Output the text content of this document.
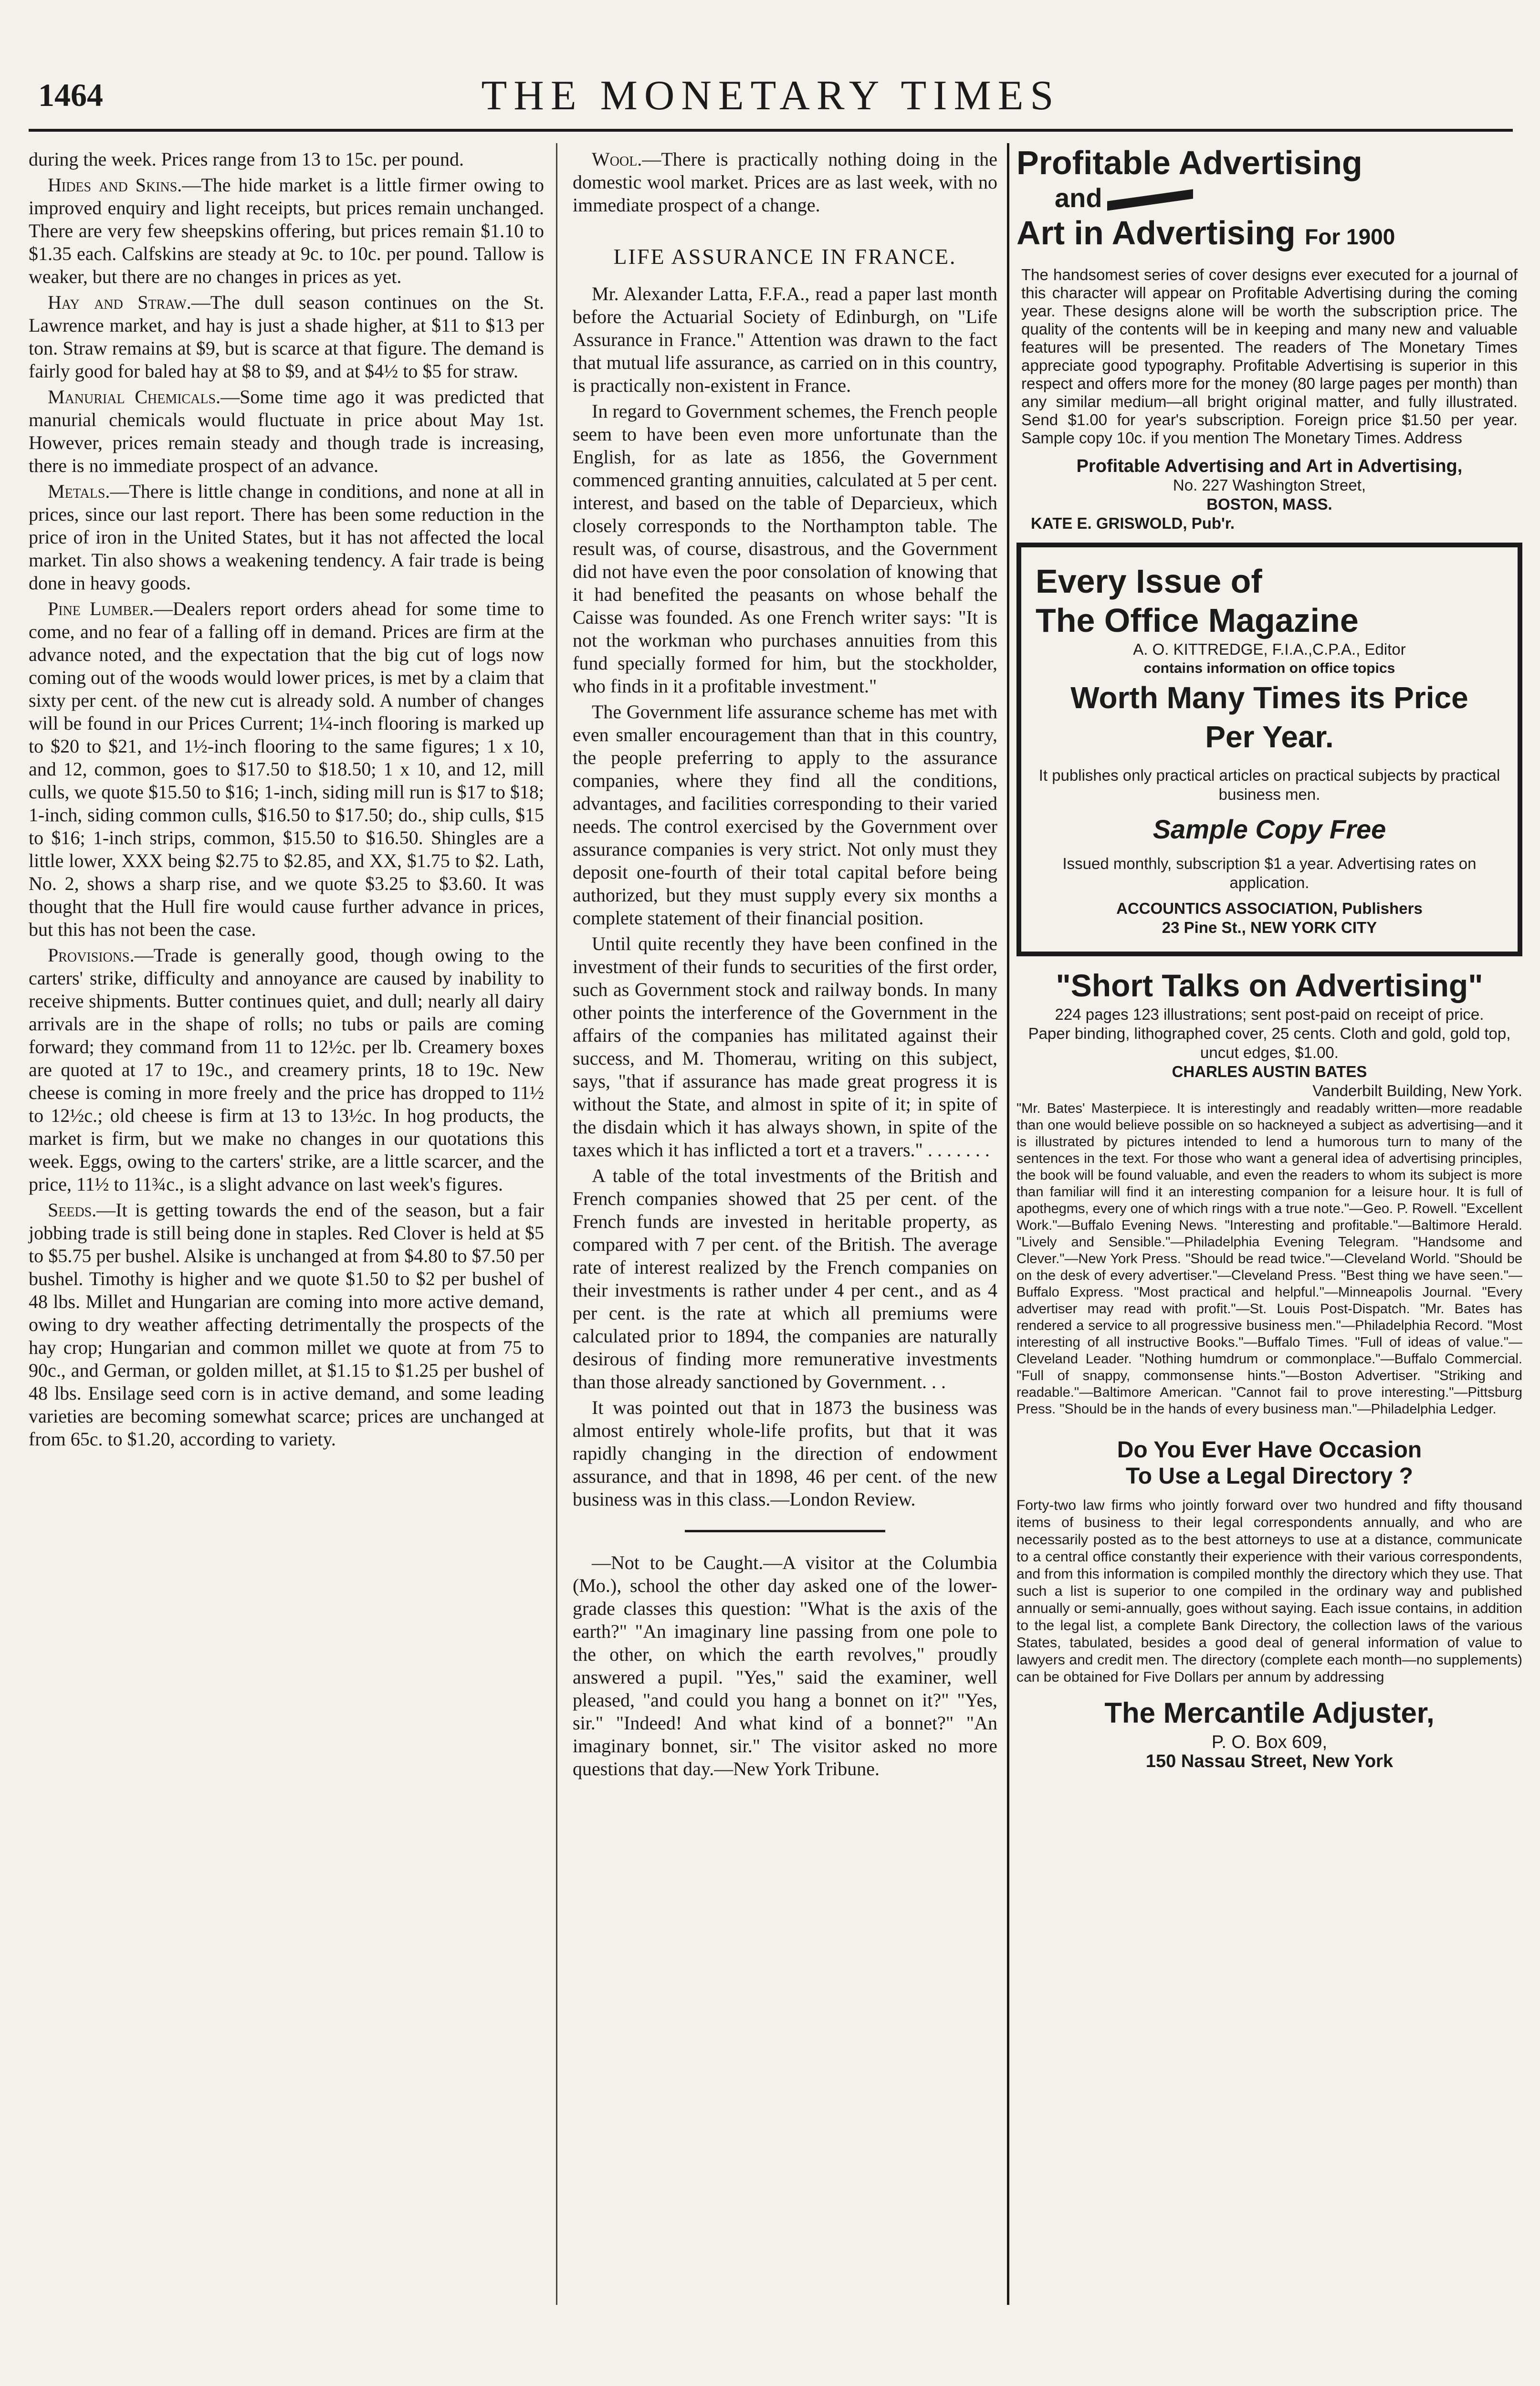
1464	THE MONETARY TIMES

during the week. Prices range from 13 to 15c. per pound.

Hides and Skins.—The hide market is a little firmer owing to improved enquiry and light receipts, but prices remain unchanged. There are very few sheepskins offering, but prices remain $1.10 to $1.35 each. Calfskins are steady at 9c. to 10c. per pound. Tallow is weaker, but there are no changes in prices as yet.

Hay and Straw.—The dull season continues on the St. Lawrence market, and hay is just a shade higher, at $11 to $13 per ton. Straw remains at $9, but is scarce at that figure. The demand is fairly good for baled hay at $8 to $9, and at $4½ to $5 for straw.

Manurial Chemicals.—Some time ago it was predicted that manurial chemicals would fluctuate in price about May 1st. However, prices remain steady and though trade is increasing, there is no immediate prospect of an advance.

Metals.—There is little change in conditions, and none at all in prices, since our last report. There has been some reduction in the price of iron in the United States, but it has not affected the local market. Tin also shows a weakening tendency. A fair trade is being done in heavy goods.

Pine Lumber.—Dealers report orders ahead for some time to come, and no fear of a falling off in demand. Prices are firm at the advance noted, and the expectation that the big cut of logs now coming out of the woods would lower prices, is met by a claim that sixty per cent. of the new cut is already sold. A number of changes will be found in our Prices Current; 1¼-inch flooring is marked up to $20 to $21, and 1½-inch flooring to the same figures; 1 x 10, and 12, common, goes to $17.50 to $18.50; 1 x 10, and 12, mill culls, we quote $15.50 to $16; 1-inch, siding mill run is $17 to $18; 1-inch, siding common culls, $16.50 to $17.50; do., ship culls, $15 to $16; 1-inch strips, common, $15.50 to $16.50. Shingles are a little lower, XXX being $2.75 to $2.85, and XX, $1.75 to $2. Lath, No. 2, shows a sharp rise, and we quote $3.25 to $3.60. It was thought that the Hull fire would cause further advance in prices, but this has not been the case.

Provisions.—Trade is generally good, though owing to the carters' strike, difficulty and annoyance are caused by inability to receive shipments. Butter continues quiet, and dull; nearly all dairy arrivals are in the shape of rolls; no tubs or pails are coming forward; they command from 11 to 12½c. per lb. Creamery boxes are quoted at 17 to 19c., and creamery prints, 18 to 19c. New cheese is coming in more freely and the price has dropped to 11½ to 12½c.; old cheese is firm at 13 to 13½c. In hog products, the market is firm, but we make no changes in our quotations this week. Eggs, owing to the carters' strike, are a little scarcer, and the price, 11½ to 11¾c., is a slight advance on last week's figures.

Seeds.—It is getting towards the end of the season, but a fair jobbing trade is still being done in staples. Red Clover is held at $5 to $5.75 per bushel. Alsike is unchanged at from $4.80 to $7.50 per bushel. Timothy is higher and we quote $1.50 to $2 per bushel of 48 lbs. Millet and Hungarian are coming into more active demand, owing to dry weather affecting detrimentally the prospects of the hay crop; Hungarian and common millet we quote at from 75 to 90c., and German, or golden millet, at $1.15 to $1.25 per bushel of 48 lbs. Ensilage seed corn is in active demand, and some leading varieties are becoming somewhat scarce; prices are unchanged at from 65c. to $1.20, according to variety.

Wool.—There is practically nothing doing in the domestic wool market. Prices are as last week, with no immediate prospect of a change.

LIFE ASSURANCE IN FRANCE.

Mr. Alexander Latta, F.F.A., read a paper last month before the Actuarial Society of Edinburgh, on "Life Assurance in France." Attention was drawn to the fact that mutual life assurance, as carried on in this country, is practically non-existent in France.

In regard to Government schemes, the French people seem to have been even more unfortunate than the English, for as late as 1856, the Government commenced granting annuities, calculated at 5 per cent. interest, and based on the table of Deparcieux, which closely corresponds to the Northampton table. The result was, of course, disastrous, and the Government did not have even the poor consolation of knowing that it had benefited the peasants on whose behalf the Caisse was founded. As one French writer says: "It is not the workman who purchases annuities from this fund specially formed for him, but the stockholder, who finds in it a profitable investment."

The Government life assurance scheme has met with even smaller encouragement than that in this country, the people preferring to apply to the assurance companies, where they find all the conditions, advantages, and facilities corresponding to their varied needs. The control exercised by the Government over assurance companies is very strict. Not only must they deposit one-fourth of their total capital before being authorized, but they must supply every six months a complete statement of their financial position.

Until quite recently they have been confined in the investment of their funds to securities of the first order, such as Government stock and railway bonds. In many other points the interference of the Government in the affairs of the companies has militated against their success, and M. Thomerau, writing on this subject, says, "that if assurance has made great progress it is without the State, and almost in spite of it; in spite of the disdain which it has always shown, in spite of the taxes which it has inflicted a tort et a travers." . . . . . . .

A table of the total investments of the British and French companies showed that 25 per cent. of the French funds are invested in heritable property, as compared with 7 per cent. of the British. The average rate of interest realized by the French companies on their investments is rather under 4 per cent., and as 4 per cent. is the rate at which all premiums were calculated prior to 1894, the companies are naturally desirous of finding more remunerative investments than those already sanctioned by Government. . .

It was pointed out that in 1873 the business was almost entirely whole-life profits, but that it was rapidly changing in the direction of endowment assurance, and that in 1898, 46 per cent. of the new business was in this class.—London Review.

—Not to be Caught.—A visitor at the Columbia (Mo.), school the other day asked one of the lower-grade classes this question: "What is the axis of the earth?" "An imaginary line passing from one pole to the other, on which the earth revolves," proudly answered a pupil. "Yes," said the examiner, well pleased, "and could you hang a bonnet on it?" "Yes, sir." "Indeed! And what kind of a bonnet?" "An imaginary bonnet, sir." The visitor asked no more questions that day.—New York Tribune.

Profitable Advertising
and
Art in Advertising For 1900
The handsomest series of cover designs ever executed for a journal of this character will appear on Profitable Advertising during the coming year. These designs alone will be worth the subscription price. The quality of the contents will be in keeping and many new and valuable features will be presented. The readers of The Monetary Times appreciate good typography. Profitable Advertising is superior in this respect and offers more for the money (80 large pages per month) than any similar medium—all bright original matter, and fully illustrated. Send $1.00 for year's subscription. Foreign price $1.50 per year. Sample copy 10c. if you mention The Monetary Times. Address
Profitable Advertising and Art in Advertising,
No. 227 Washington Street,
BOSTON, MASS.
KATE E. GRISWOLD, Pub'r.
Every Issue of
The Office Magazine
A. O. KITTREDGE, F.I.A.,C.P.A., Editor
contains information on office topics
Worth Many Times its Price
Per Year.
It publishes only practical articles on practical subjects by practical business men.
Sample Copy Free
Issued monthly, subscription $1 a year. Advertising rates on application.
ACCOUNTICS ASSOCIATION, Publishers
23 Pine St., NEW YORK CITY
"Short Talks on Advertising"
224 pages 123 illustrations; sent post-paid on receipt of price.
Paper binding, lithographed cover, 25 cents. Cloth and gold, gold top, uncut edges, $1.00.
CHARLES AUSTIN BATES
Vanderbilt Building, New York.
"Mr. Bates' Masterpiece. It is interestingly and readably written—more readable than one would believe possible on so hackneyed a subject as advertising—and it is illustrated by pictures intended to lend a humorous turn to many of the sentences in the text. For those who want a general idea of advertising principles, the book will be found valuable, and even the readers to whom its subject is more than familiar will find it an interesting companion for a leisure hour. It is full of apothegms, every one of which rings with a true note."—Geo. P. Rowell. "Excellent Work."—Buffalo Evening News. "Interesting and profitable."—Baltimore Herald. "Lively and Sensible."—Philadelphia Evening Telegram. "Handsome and Clever."—New York Press. "Should be read twice."—Cleveland World. "Should be on the desk of every advertiser."—Cleveland Press. "Best thing we have seen."—Buffalo Express. "Most practical and helpful."—Minneapolis Journal. "Every advertiser may read with profit."—St. Louis Post-Dispatch. "Mr. Bates has rendered a service to all progressive business men."—Philadelphia Record. "Most interesting of all instructive Books."—Buffalo Times. "Full of ideas of value."—Cleveland Leader. "Nothing humdrum or commonplace."—Buffalo Commercial. "Full of snappy, commonsense hints."—Boston Advertiser. "Striking and readable."—Baltimore American. "Cannot fail to prove interesting."—Pittsburg Press. "Should be in the hands of every business man."—Philadelphia Ledger.
Do You Ever Have Occasion
To Use a Legal Directory ?
Forty-two law firms who jointly forward over two hundred and fifty thousand items of business to their legal correspondents annually, and who are necessarily posted as to the best attorneys to use at a distance, communicate to a central office constantly their experience with their various correspondents, and from this information is compiled monthly the directory which they use. That such a list is superior to one compiled in the ordinary way and published annually or semi-annually, goes without saying. Each issue contains, in addition to the legal list, a complete Bank Directory, the collection laws of the various States, tabulated, besides a good deal of general information of value to lawyers and credit men. The directory (complete each month—no supplements) can be obtained for Five Dollars per annum by addressing
The Mercantile Adjuster,
P. O. Box 609,
150 Nassau Street, New York
